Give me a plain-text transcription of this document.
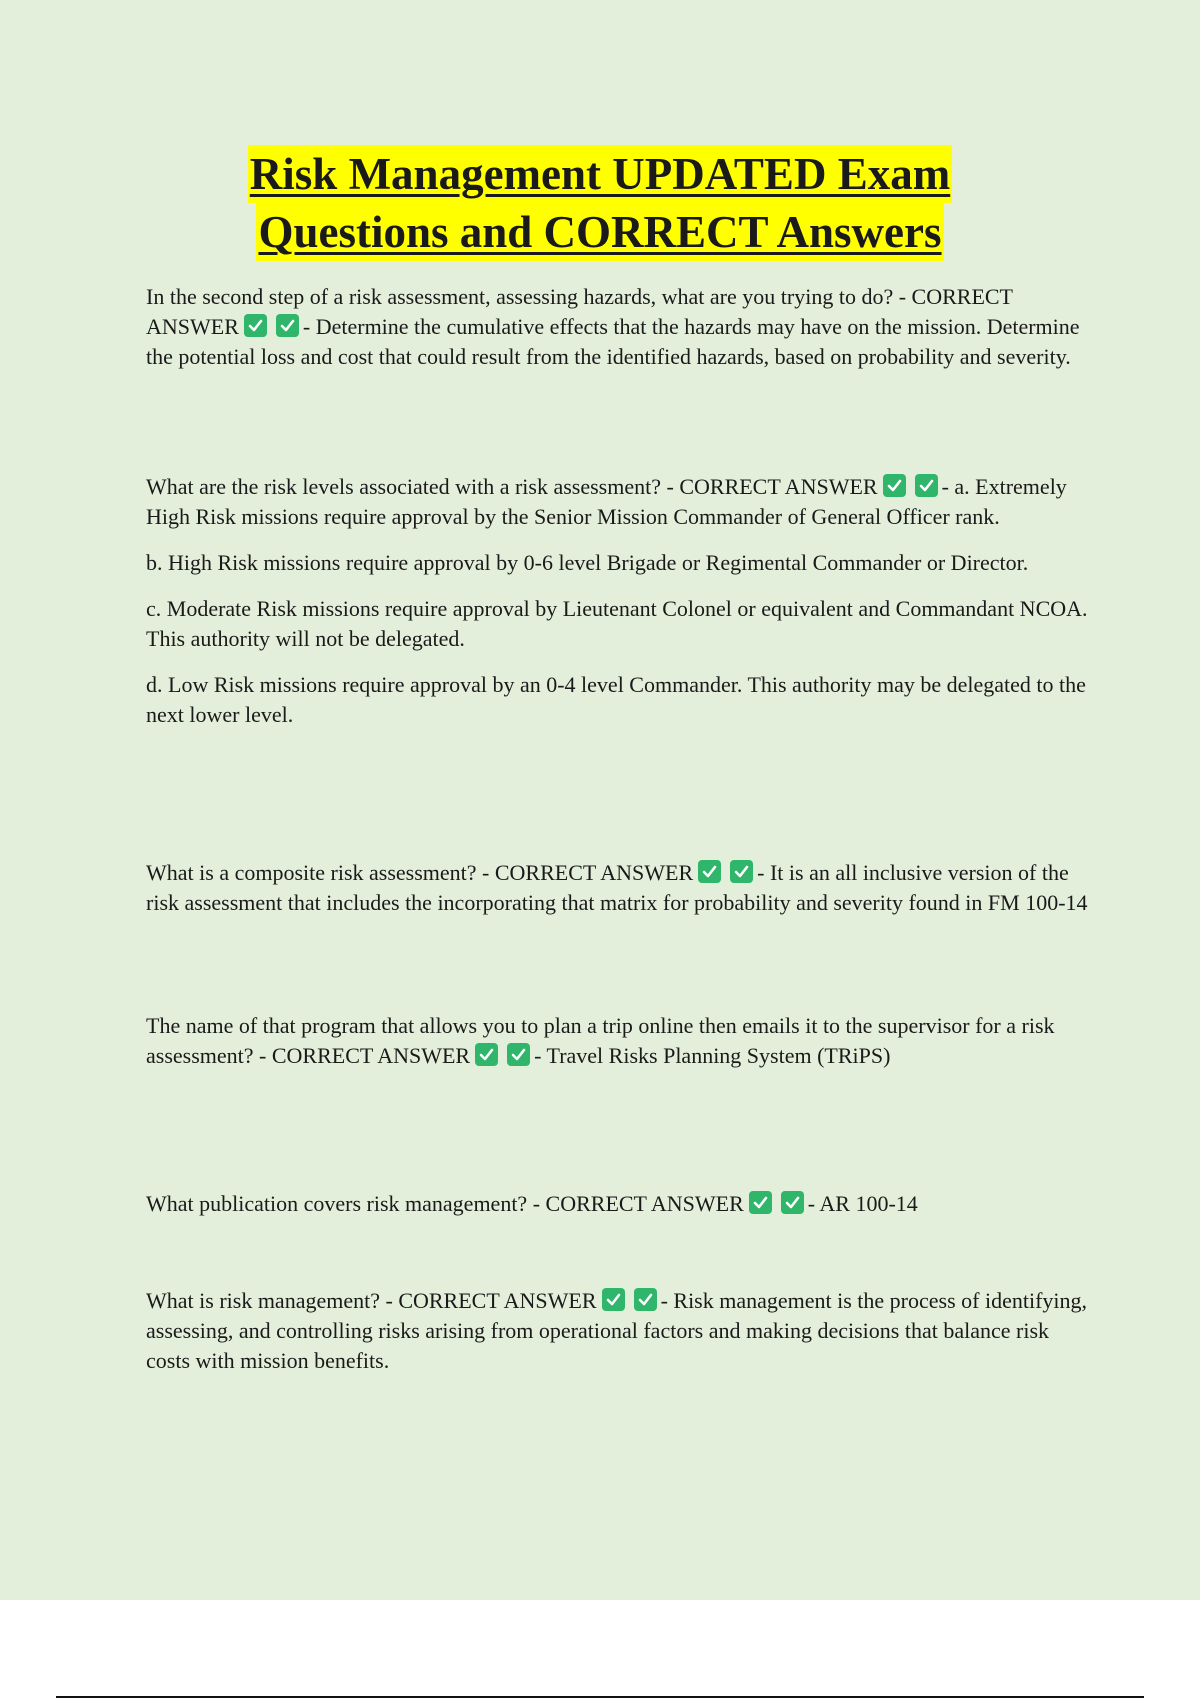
Risk Management UPDATED Exam
Questions and CORRECT Answers

In the second step of a risk assessment, assessing hazards, what are you trying to do? - CORRECT ANSWER	- Determine the cumulative effects that the hazards may have on the mission. Determine the potential loss and cost that could result from the identified hazards, based on probability and severity.

What are the risk levels associated with a risk assessment? - CORRECT ANSWER	- a. Extremely High Risk missions require approval by the Senior Mission Commander of General Officer rank.

b. High Risk missions require approval by 0-6 level Brigade or Regimental Commander or Director.

c. Moderate Risk missions require approval by Lieutenant Colonel or equivalent and Commandant NCOA. This authority will not be delegated.

d. Low Risk missions require approval by an 0-4 level Commander. This authority may be delegated to the next lower level.

What is a composite risk assessment? - CORRECT ANSWER	- It is an all inclusive version of the risk assessment that includes the incorporating that matrix for probability and severity found in FM 100-14

The name of that program that allows you to plan a trip online then emails it to the supervisor for a risk assessment? - CORRECT ANSWER	- Travel Risks Planning System (TRiPS)

What publication covers risk management? - CORRECT ANSWER	- AR 100-14

What is risk management? - CORRECT ANSWER	- Risk management is the process of identifying, assessing, and controlling risks arising from operational factors and making decisions that balance risk costs with mission benefits.
